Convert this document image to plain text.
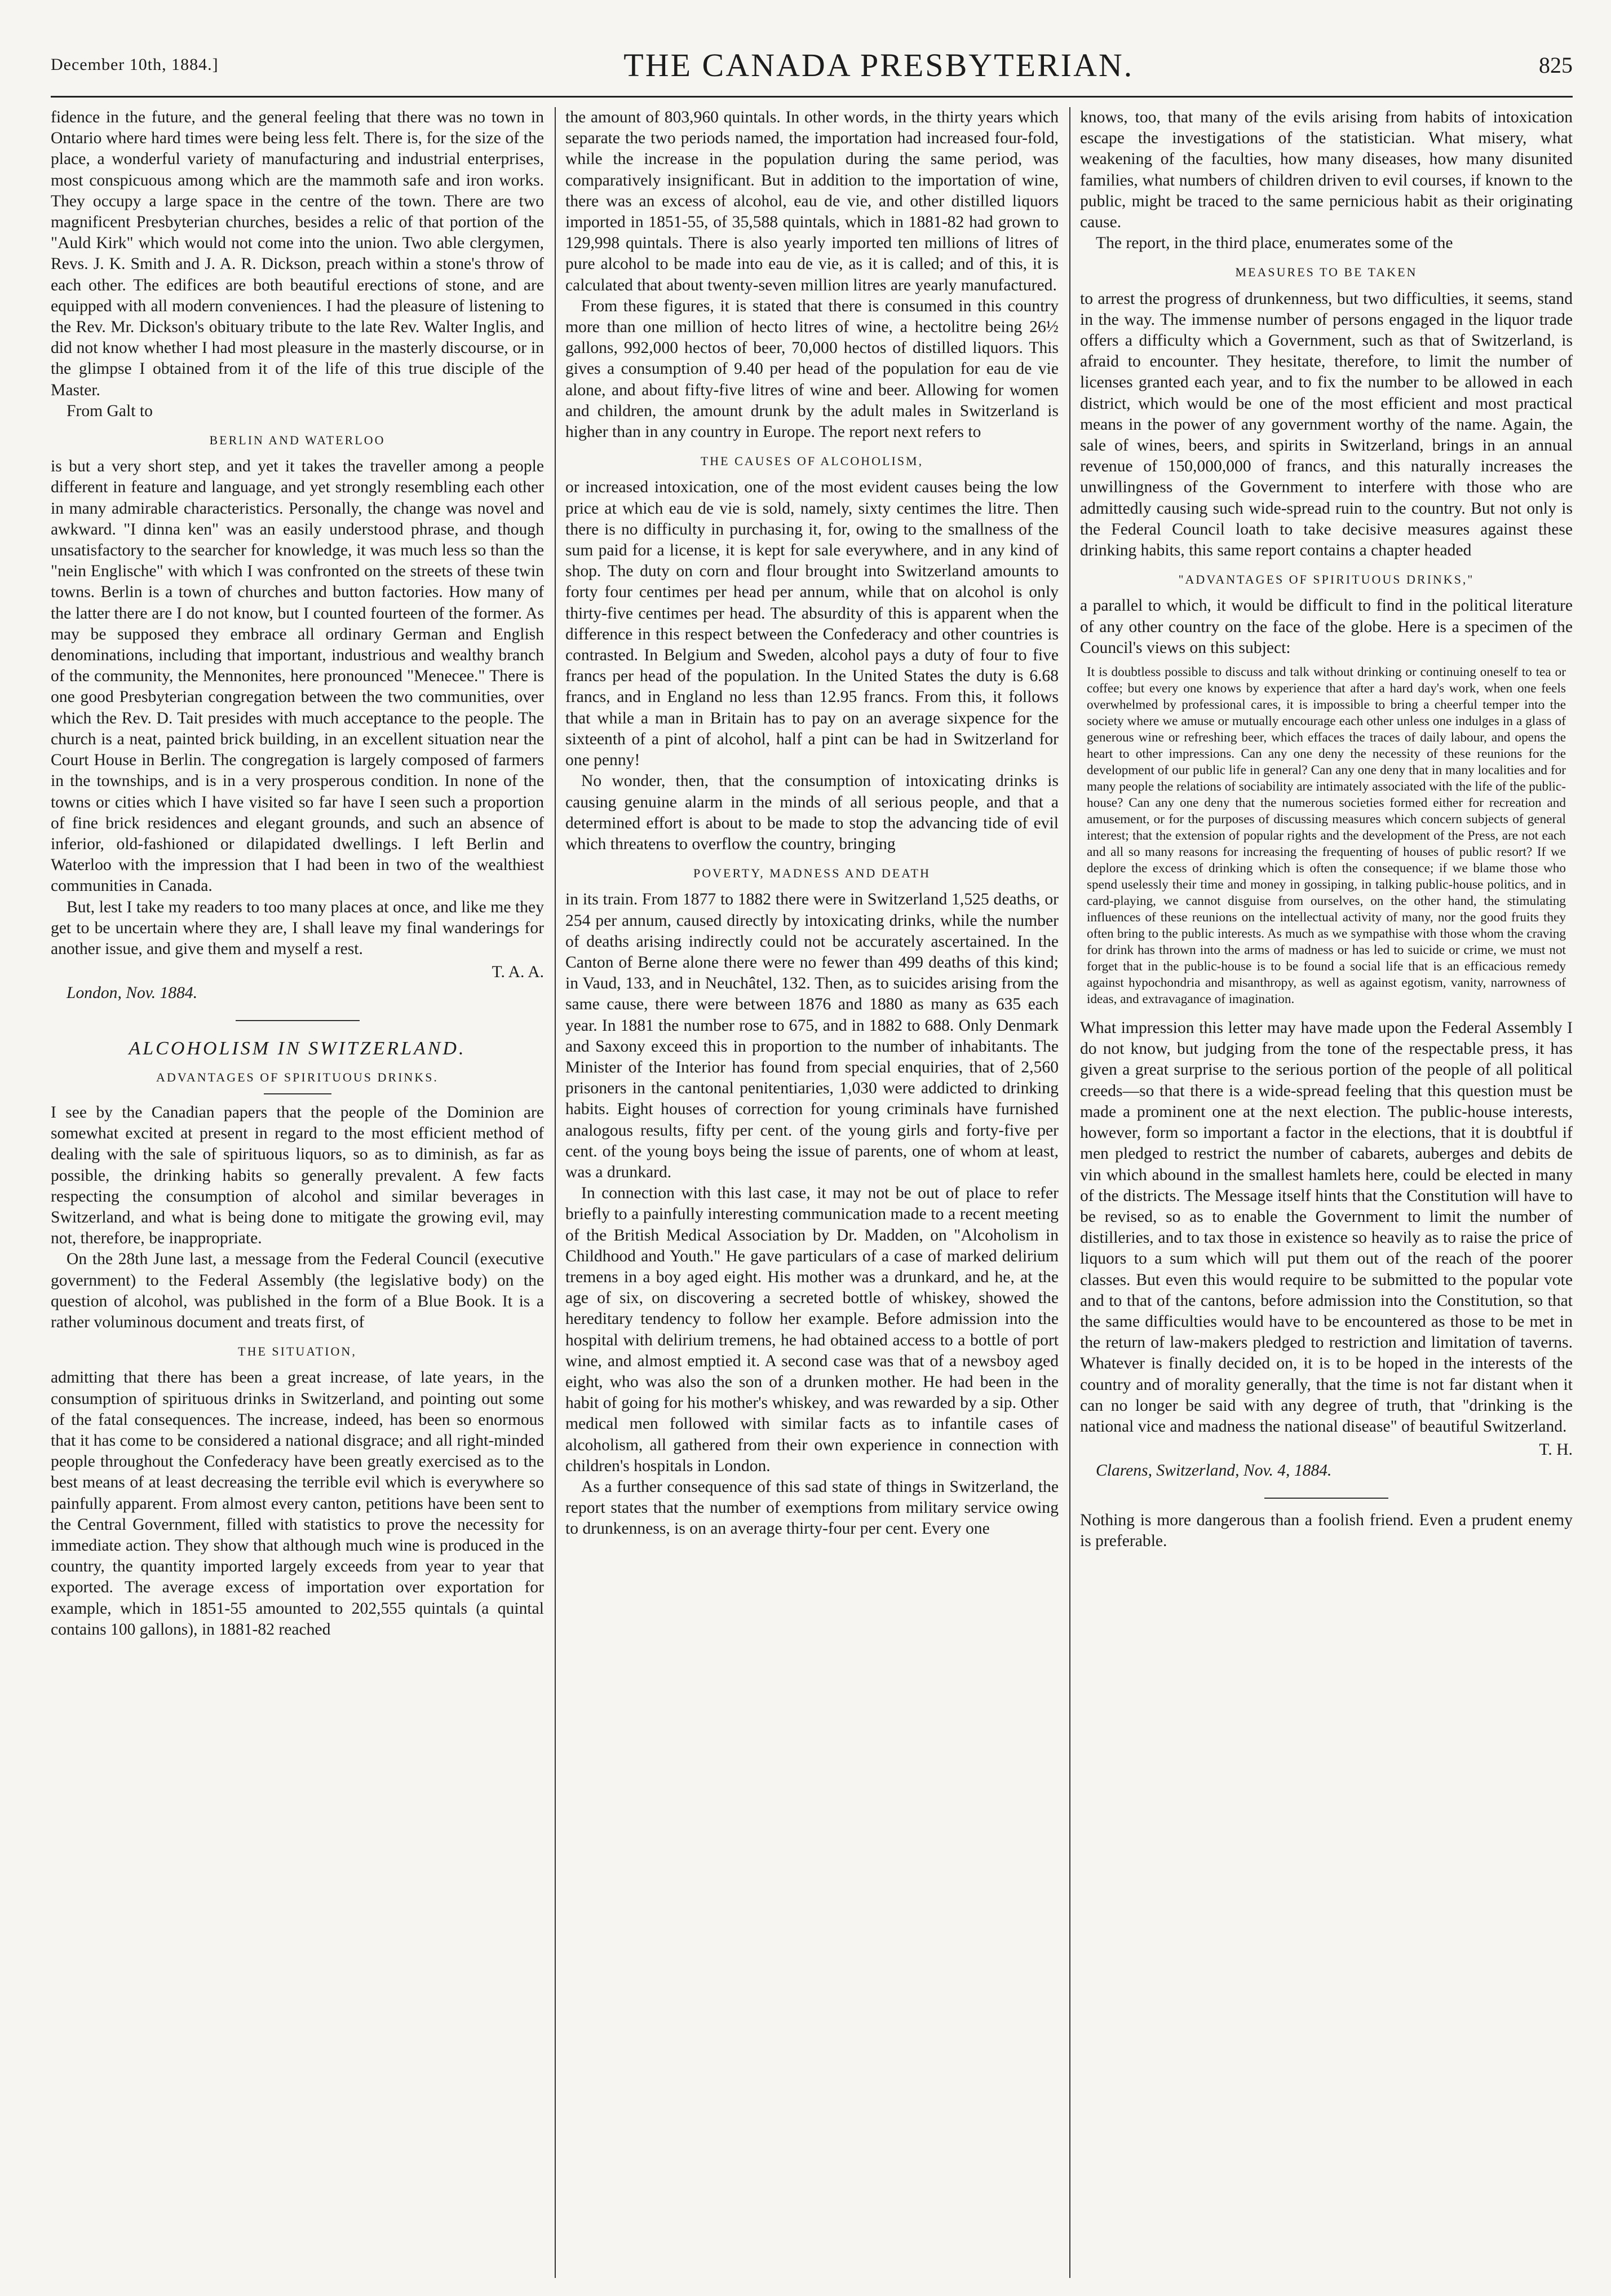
December 10th, 1884.]	THE CANADA PRESBYTERIAN.	825

fidence in the future, and the general feeling that there was no town in Ontario where hard times were being less felt. There is, for the size of the place, a wonderful variety of manufacturing and industrial enterprises, most conspicuous among which are the mammoth safe and iron works. They occupy a large space in the centre of the town. There are two magnificent Presbyterian churches, besides a relic of that portion of the "Auld Kirk" which would not come into the union. Two able clergymen, Revs. J. K. Smith and J. A. R. Dickson, preach within a stone's throw of each other. The edifices are both beautiful erections of stone, and are equipped with all modern conveniences. I had the pleasure of listening to the Rev. Mr. Dickson's obituary tribute to the late Rev. Walter Inglis, and did not know whether I had most pleasure in the masterly discourse, or in the glimpse I obtained from it of the life of this true disciple of the Master.

From Galt to

BERLIN AND WATERLOO

is but a very short step, and yet it takes the traveller among a people different in feature and language, and yet strongly resembling each other in many admirable characteristics. Personally, the change was novel and awkward. "I dinna ken" was an easily understood phrase, and though unsatisfactory to the searcher for knowledge, it was much less so than the "nein Englische" with which I was confronted on the streets of these twin towns. Berlin is a town of churches and button factories. How many of the latter there are I do not know, but I counted fourteen of the former. As may be supposed they embrace all ordinary German and English denominations, including that important, industrious and wealthy branch of the community, the Mennonites, here pronounced "Menecee." There is one good Presbyterian congregation between the two communities, over which the Rev. D. Tait presides with much acceptance to the people. The church is a neat, painted brick building, in an excellent situation near the Court House in Berlin. The congregation is largely composed of farmers in the townships, and is in a very prosperous condition. In none of the towns or cities which I have visited so far have I seen such a proportion of fine brick residences and elegant grounds, and such an absence of inferior, old-fashioned or dilapidated dwellings. I left Berlin and Waterloo with the impression that I had been in two of the wealthiest communities in Canada.

But, lest I take my readers to too many places at once, and like me they get to be uncertain where they are, I shall leave my final wanderings for another issue, and give them and myself a rest.

T. A. A.
London, Nov. 1884.
ALCOHOLISM IN SWITZERLAND.
ADVANTAGES OF SPIRITUOUS DRINKS.

I see by the Canadian papers that the people of the Dominion are somewhat excited at present in regard to the most efficient method of dealing with the sale of spirituous liquors, so as to diminish, as far as possible, the drinking habits so generally prevalent. A few facts respecting the consumption of alcohol and similar beverages in Switzerland, and what is being done to mitigate the growing evil, may not, therefore, be inappropriate.

On the 28th June last, a message from the Federal Council (executive government) to the Federal Assembly (the legislative body) on the question of alcohol, was published in the form of a Blue Book. It is a rather voluminous document and treats first, of

THE SITUATION,

admitting that there has been a great increase, of late years, in the consumption of spirituous drinks in Switzerland, and pointing out some of the fatal consequences. The increase, indeed, has been so enormous that it has come to be considered a national disgrace; and all right-minded people throughout the Confederacy have been greatly exercised as to the best means of at least decreasing the terrible evil which is everywhere so painfully apparent. From almost every canton, petitions have been sent to the Central Government, filled with statistics to prove the necessity for immediate action. They show that although much wine is produced in the country, the quantity imported largely exceeds from year to year that exported. The average excess of importation over exportation for example, which in 1851-55 amounted to 202,555 quintals (a quintal contains 100 gallons), in 1881-82 reached

the amount of 803,960 quintals. In other words, in the thirty years which separate the two periods named, the importation had increased four-fold, while the increase in the population during the same period, was comparatively insignificant. But in addition to the importation of wine, there was an excess of alcohol, eau de vie, and other distilled liquors imported in 1851-55, of 35,588 quintals, which in 1881-82 had grown to 129,998 quintals. There is also yearly imported ten millions of litres of pure alcohol to be made into eau de vie, as it is called; and of this, it is calculated that about twenty-seven million litres are yearly manufactured.

From these figures, it is stated that there is consumed in this country more than one million of hecto litres of wine, a hectolitre being 26½ gallons, 992,000 hectos of beer, 70,000 hectos of distilled liquors. This gives a consumption of 9.40 per head of the population for eau de vie alone, and about fifty-five litres of wine and beer. Allowing for women and children, the amount drunk by the adult males in Switzerland is higher than in any country in Europe. The report next refers to

THE CAUSES OF ALCOHOLISM,

or increased intoxication, one of the most evident causes being the low price at which eau de vie is sold, namely, sixty centimes the litre. Then there is no difficulty in purchasing it, for, owing to the smallness of the sum paid for a license, it is kept for sale everywhere, and in any kind of shop. The duty on corn and flour brought into Switzerland amounts to forty four centimes per head per annum, while that on alcohol is only thirty-five centimes per head. The absurdity of this is apparent when the difference in this respect between the Confederacy and other countries is contrasted. In Belgium and Sweden, alcohol pays a duty of four to five francs per head of the population. In the United States the duty is 6.68 francs, and in England no less than 12.95 francs. From this, it follows that while a man in Britain has to pay on an average sixpence for the sixteenth of a pint of alcohol, half a pint can be had in Switzerland for one penny!

No wonder, then, that the consumption of intoxicating drinks is causing genuine alarm in the minds of all serious people, and that a determined effort is about to be made to stop the advancing tide of evil which threatens to overflow the country, bringing

POVERTY, MADNESS AND DEATH

in its train. From 1877 to 1882 there were in Switzerland 1,525 deaths, or 254 per annum, caused directly by intoxicating drinks, while the number of deaths arising indirectly could not be accurately ascertained. In the Canton of Berne alone there were no fewer than 499 deaths of this kind; in Vaud, 133, and in Neuchâtel, 132. Then, as to suicides arising from the same cause, there were between 1876 and 1880 as many as 635 each year. In 1881 the number rose to 675, and in 1882 to 688. Only Denmark and Saxony exceed this in proportion to the number of inhabitants. The Minister of the Interior has found from special enquiries, that of 2,560 prisoners in the cantonal penitentiaries, 1,030 were addicted to drinking habits. Eight houses of correction for young criminals have furnished analogous results, fifty per cent. of the young girls and forty-five per cent. of the young boys being the issue of parents, one of whom at least, was a drunkard.

In connection with this last case, it may not be out of place to refer briefly to a painfully interesting communication made to a recent meeting of the British Medical Association by Dr. Madden, on "Alcoholism in Childhood and Youth." He gave particulars of a case of marked delirium tremens in a boy aged eight. His mother was a drunkard, and he, at the age of six, on discovering a secreted bottle of whiskey, showed the hereditary tendency to follow her example. Before admission into the hospital with delirium tremens, he had obtained access to a bottle of port wine, and almost emptied it. A second case was that of a newsboy aged eight, who was also the son of a drunken mother. He had been in the habit of going for his mother's whiskey, and was rewarded by a sip. Other medical men followed with similar facts as to infantile cases of alcoholism, all gathered from their own experience in connection with children's hospitals in London.

As a further consequence of this sad state of things in Switzerland, the report states that the number of exemptions from military service owing to drunkenness, is on an average thirty-four per cent. Every one

knows, too, that many of the evils arising from habits of intoxication escape the investigations of the statistician. What misery, what weakening of the faculties, how many diseases, how many disunited families, what numbers of children driven to evil courses, if known to the public, might be traced to the same pernicious habit as their originating cause.

The report, in the third place, enumerates some of the

MEASURES TO BE TAKEN

to arrest the progress of drunkenness, but two difficulties, it seems, stand in the way. The immense number of persons engaged in the liquor trade offers a difficulty which a Government, such as that of Switzerland, is afraid to encounter. They hesitate, therefore, to limit the number of licenses granted each year, and to fix the number to be allowed in each district, which would be one of the most efficient and most practical means in the power of any government worthy of the name. Again, the sale of wines, beers, and spirits in Switzerland, brings in an annual revenue of 150,000,000 of francs, and this naturally increases the unwillingness of the Government to interfere with those who are admittedly causing such wide-spread ruin to the country. But not only is the Federal Council loath to take decisive measures against these drinking habits, this same report contains a chapter headed

"ADVANTAGES OF SPIRITUOUS DRINKS,"

a parallel to which, it would be difficult to find in the political literature of any other country on the face of the globe. Here is a specimen of the Council's views on this subject:

It is doubtless possible to discuss and talk without drinking or continuing oneself to tea or coffee; but every one knows by experience that after a hard day's work, when one feels overwhelmed by professional cares, it is impossible to bring a cheerful temper into the society where we amuse or mutually encourage each other unless one indulges in a glass of generous wine or refreshing beer, which effaces the traces of daily labour, and opens the heart to other impressions. Can any one deny the necessity of these reunions for the development of our public life in general? Can any one deny that in many localities and for many people the relations of sociability are intimately associated with the life of the public-house? Can any one deny that the numerous societies formed either for recreation and amusement, or for the purposes of discussing measures which concern subjects of general interest; that the extension of popular rights and the development of the Press, are not each and all so many reasons for increasing the frequenting of houses of public resort? If we deplore the excess of drinking which is often the consequence; if we blame those who spend uselessly their time and money in gossiping, in talking public-house politics, and in card-playing, we cannot disguise from ourselves, on the other hand, the stimulating influences of these reunions on the intellectual activity of many, nor the good fruits they often bring to the public interests. As much as we sympathise with those whom the craving for drink has thrown into the arms of madness or has led to suicide or crime, we must not forget that in the public-house is to be found a social life that is an efficacious remedy against hypochondria and misanthropy, as well as against egotism, vanity, narrowness of ideas, and extravagance of imagination.

What impression this letter may have made upon the Federal Assembly I do not know, but judging from the tone of the respectable press, it has given a great surprise to the serious portion of the people of all political creeds—so that there is a wide-spread feeling that this question must be made a prominent one at the next election. The public-house interests, however, form so important a factor in the elections, that it is doubtful if men pledged to restrict the number of cabarets, auberges and debits de vin which abound in the smallest hamlets here, could be elected in many of the districts. The Message itself hints that the Constitution will have to be revised, so as to enable the Government to limit the number of distilleries, and to tax those in existence so heavily as to raise the price of liquors to a sum which will put them out of the reach of the poorer classes. But even this would require to be submitted to the popular vote and to that of the cantons, before admission into the Constitution, so that the same difficulties would have to be encountered as those to be met in the return of law-makers pledged to restriction and limitation of taverns. Whatever is finally decided on, it is to be hoped in the interests of the country and of morality generally, that the time is not far distant when it can no longer be said with any degree of truth, that "drinking is the national vice and madness the national disease" of beautiful Switzerland.

T. H.
Clarens, Switzerland, Nov. 4, 1884.

Nothing is more dangerous than a foolish friend. Even a prudent enemy is preferable.
